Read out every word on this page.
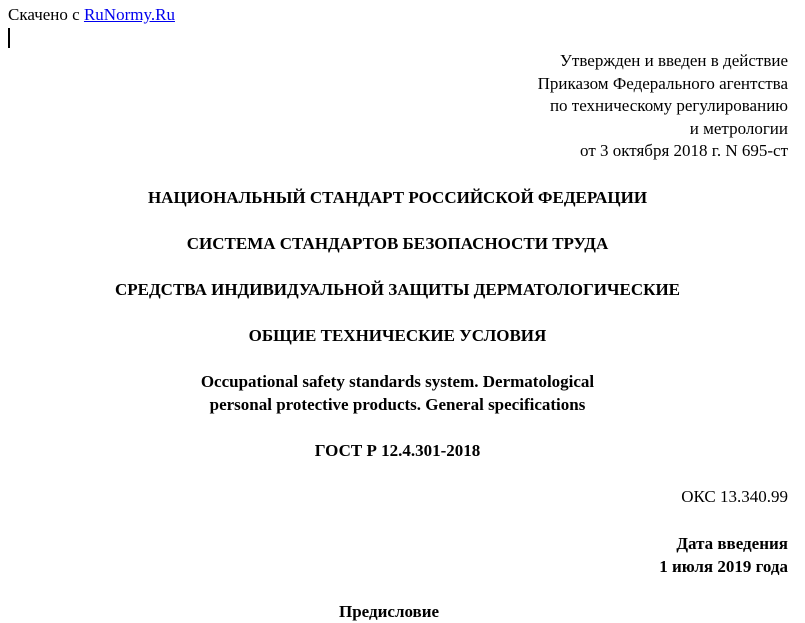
Скачено с RuNormy.Ru
Утвержден и введен в действие
Приказом Федерального агентства
по техническому регулированию
и метрологии
от 3 октября 2018 г. N 695-ст
НАЦИОНАЛЬНЫЙ СТАНДАРТ РОССИЙСКОЙ ФЕДЕРАЦИИ
СИСТЕМА СТАНДАРТОВ БЕЗОПАСНОСТИ ТРУДА
СРЕДСТВА ИНДИВИДУАЛЬНОЙ ЗАЩИТЫ ДЕРМАТОЛОГИЧЕСКИЕ
ОБЩИЕ ТЕХНИЧЕСКИЕ УСЛОВИЯ
Occupational safety standards system. Dermatological
personal protective products. General specifications
ГОСТ Р 12.4.301-2018
ОКС 13.340.99
Дата введения
1 июля 2019 года
Предисловие
